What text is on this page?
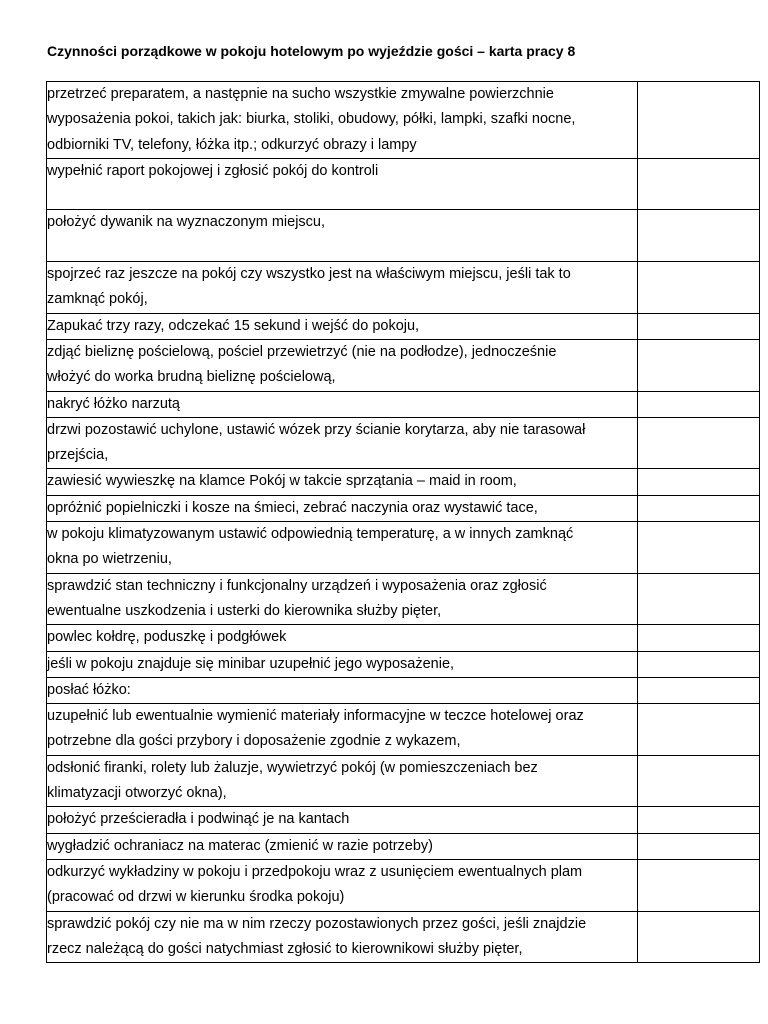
Czynności porządkowe w pokoju hotelowym po wyjeździe gości – karta pracy 8
przetrzeć preparatem, a następnie na sucho wszystkie zmywalne powierzchnie
wyposażenia pokoi, takich jak: biurka, stoliki, obudowy, półki, lampki, szafki nocne,
odbiorniki TV, telefony, łóżka itp.; odkurzyć obrazy i lampy	

wypełnić raport pokojowej i zgłosić pokój do kontroli	

położyć dywanik na wyznaczonym miejscu,	

spojrzeć raz jeszcze na pokój czy wszystko jest na właściwym miejscu, jeśli tak to
zamknąć pokój,	

Zapukać trzy razy, odczekać 15 sekund i wejść do pokoju,	

zdjąć bieliznę pościelową, pościel przewietrzyć (nie na podłodze), jednocześnie
włożyć do worka brudną bieliznę pościelową,	

nakryć łóżko narzutą	

drzwi pozostawić uchylone, ustawić wózek przy ścianie korytarza, aby nie tarasował
przejścia,	

zawiesić wywieszkę na klamce Pokój w takcie sprzątania – maid in room,	

opróżnić popielniczki i kosze na śmieci, zebrać naczynia oraz wystawić tace,	

w pokoju klimatyzowanym ustawić odpowiednią temperaturę, a w innych zamknąć
okna po wietrzeniu,	

sprawdzić stan techniczny i funkcjonalny urządzeń i wyposażenia oraz zgłosić
ewentualne uszkodzenia i usterki do kierownika służby pięter,	

powlec kołdrę, poduszkę i podgłówek	

jeśli w pokoju znajduje się minibar uzupełnić jego wyposażenie,	

posłać łóżko:	

uzupełnić lub ewentualnie wymienić materiały informacyjne w teczce hotelowej oraz
potrzebne dla gości przybory i doposażenie zgodnie z wykazem,	

odsłonić firanki, rolety lub żaluzje, wywietrzyć pokój (w pomieszczeniach bez
klimatyzacji otworzyć okna),	

położyć prześcieradła i podwinąć je na kantach	

wygładzić ochraniacz na materac (zmienić w razie potrzeby)	

odkurzyć wykładziny w pokoju i przedpokoju wraz z usunięciem ewentualnych plam
(pracować od drzwi w kierunku środka pokoju)	

sprawdzić pokój czy nie ma w nim rzeczy pozostawionych przez gości, jeśli znajdzie
rzecz należącą do gości natychmiast zgłosić to kierownikowi służby pięter,	
